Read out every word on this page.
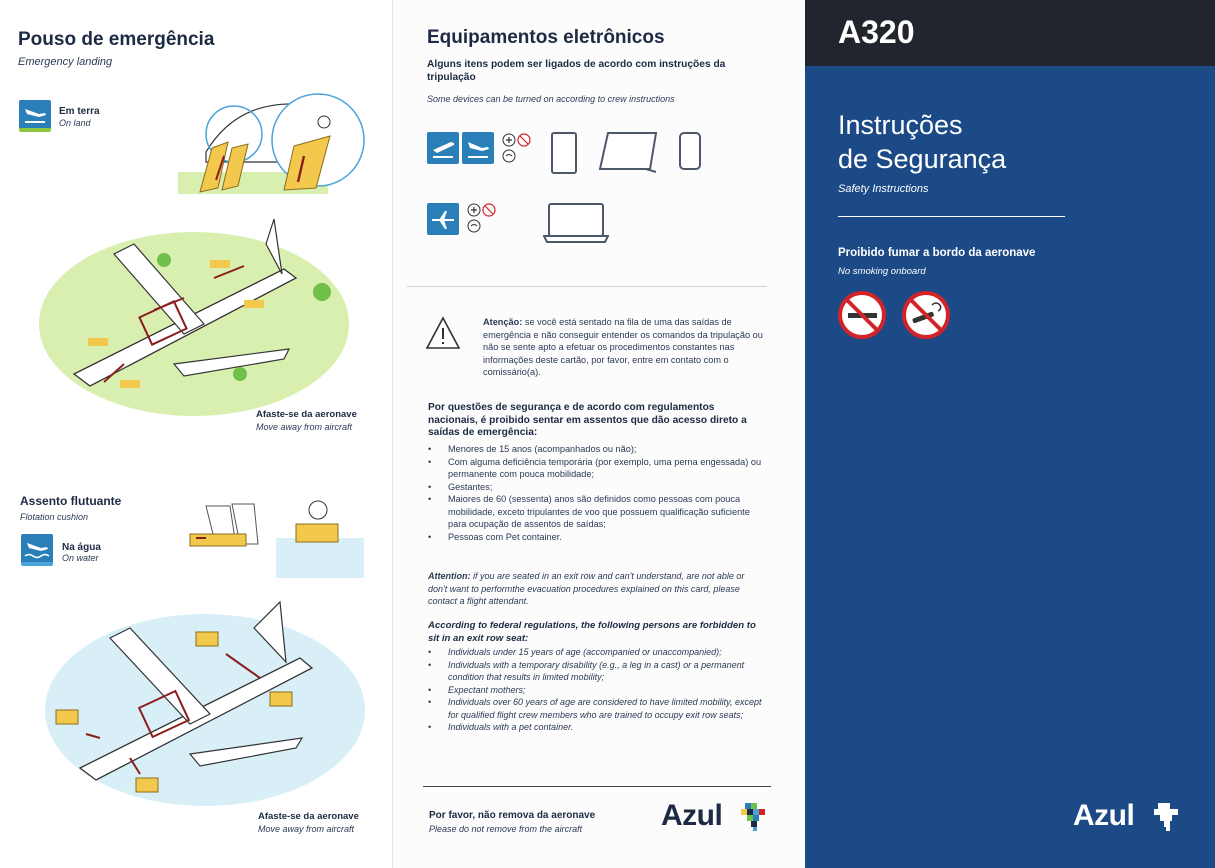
Pouso de emergência
Emergency landing
Em terra
On land
Afaste-se da aeronave
Move away from aircraft
Assento flutuante
Flotation cushion
Na água
On water
Afaste-se da aeronave
Move away from aircraft
Equipamentos eletrônicos
Alguns itens podem ser ligados de acordo com instruções da tripulação
Some devices can be turned on according to crew instructions
Atenção: se você está sentado na fila de uma das saídas de emergência e não conseguir entender os comandos da tripulação ou não se sente apto a efetuar os procedimentos constantes nas informações deste cartão, por favor, entre em contato com o comissário(a).
Por questões de segurança e de acordo com regulamentos nacionais, é proibido sentar em assentos que dão acesso direto a saídas de emergência:
• Menores de 15 anos (acompanhados ou não);
• Com alguma deficiência temporária (por exemplo, uma perna engessada) ou permanente com pouca mobilidade;
• Gestantes;
• Maiores de 60 (sessenta) anos são definidos como pessoas com pouca mobilidade, exceto tripulantes de voo que possuem qualificação suficiente para ocupação de assentos de saídas;
• Pessoas com Pet container.
Attention: if you are seated in an exit row and can't understand, are not able or don't want to performthe evacuation procedures explained on this card, please contact a flight attendant.
According to federal regulations, the following persons are forbidden to sit in an exit row seat:
• Individuals under 15 years of age (accompanied or unaccompanied);
• Individuals with a temporary disability (e.g., a leg in a cast) or a permanent condition that results in limited mobility;
• Expectant mothers;
• Individuals over 60 years of age are considered to have limited mobility, except for qualified flight crew members who are trained to occupy exit row seats;
• Individuals with a pet container.
Por favor, não remova da aeronave
Please do not remove from the aircraft	Azul
A320
Instruções
de Segurança
Safety Instructions
Proibido fumar a bordo da aeronave
No smoking onboard
Azul
